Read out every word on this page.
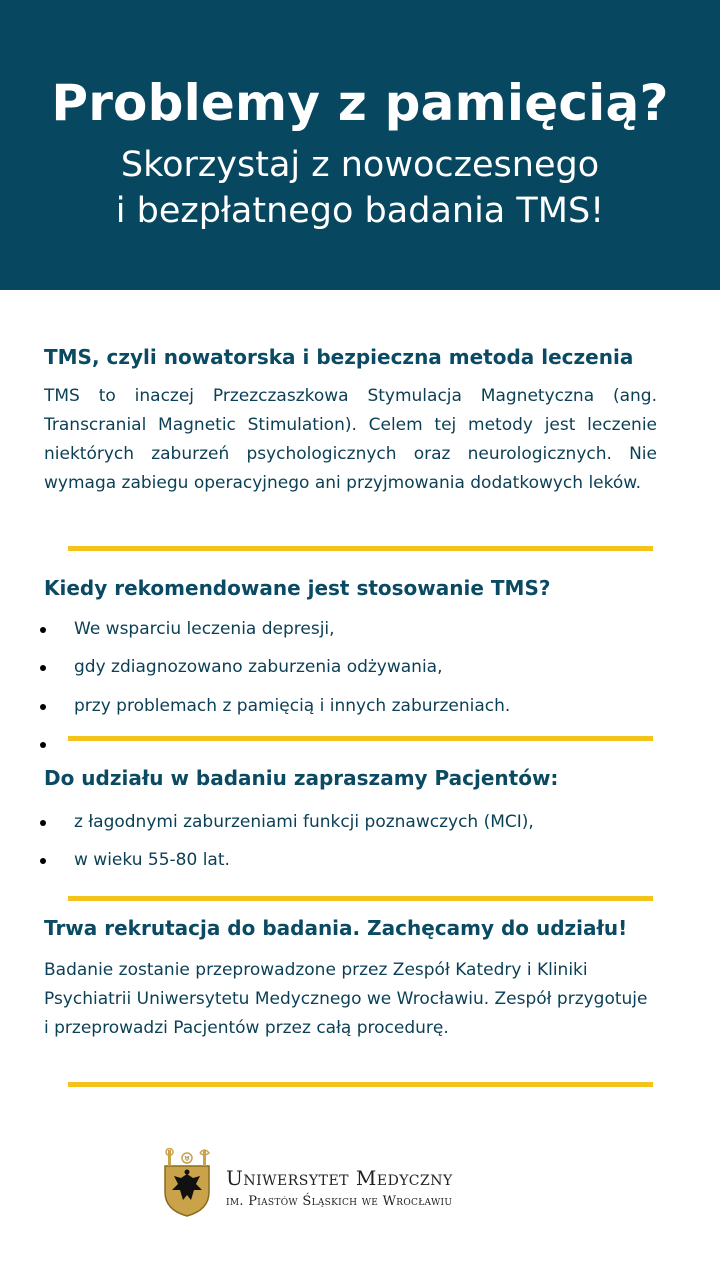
Problemy z pamięcią?
Skorzystaj z nowoczesnego
i bezpłatnego badania TMS!
TMS, czyli nowatorska i bezpieczna metoda leczenia
TMS to inaczej Przezczaszkowa Stymulacja Magnetyczna (ang. Transcranial Magnetic Stimulation). Celem tej metody jest leczenie niektórych zaburzeń psychologicznych oraz neurologicznych. Nie wymaga zabiegu operacyjnego ani przyjmowania dodatkowych leków.
Kiedy rekomendowane jest stosowanie TMS?
We wsparciu leczenia depresji,
gdy zdiagnozowano zaburzenia odżywania,
przy problemach z pamięcią i innych zaburzeniach.
Do udziału w badaniu zapraszamy Pacjentów:
z łagodnymi zaburzeniami funkcji poznawczych (MCI),
w wieku 55-80 lat.
Trwa rekrutacja do badania. Zachęcamy do udziału!
Badanie zostanie przeprowadzone przez Zespół Katedry i Kliniki Psychiatrii Uniwersytetu Medycznego we Wrocławiu. Zespół przygotuje i przeprowadzi Pacjentów przez całą procedurę.
♅
Uniwersytet Medyczny
im. Piastów Śląskich we Wrocławiu
